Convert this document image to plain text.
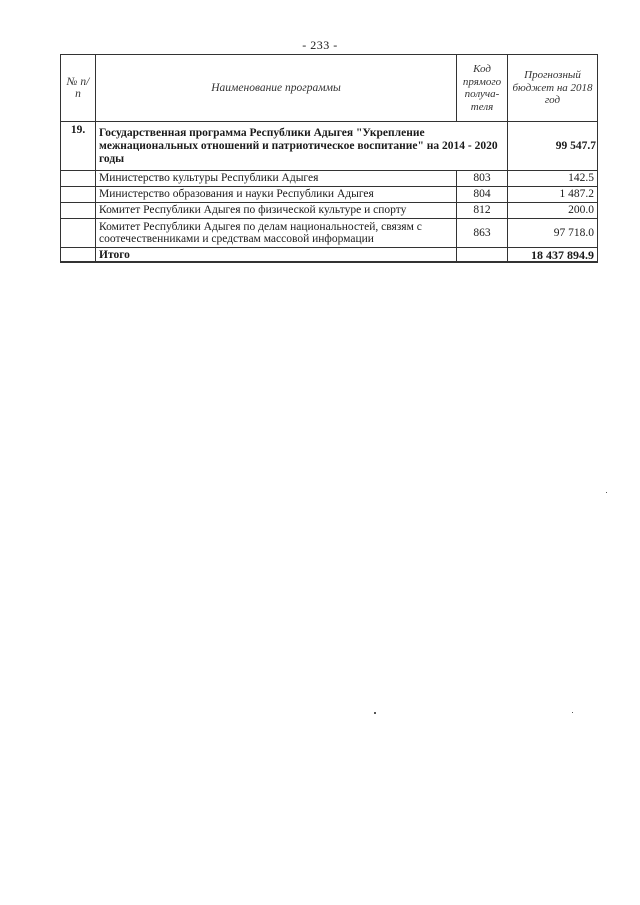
- 233 -
№ п/п	Наименование программы	Код прямого получа-теля	Прогнозный бюджет на 2018 год
19.	Государственная программа Республики Адыгея "Укрепление межнациональных отношений и патриотическое воспитание" на 2014 - 2020 годы		99 547.7
	Министерство культуры Республики Адыгея	803	142.5
	Министерство образования и науки Республики Адыгея	804	1 487.2
	Комитет Республики Адыгея по физической культуре и спорту	812	200.0
	Комитет Республики Адыгея по делам национальностей, связям с соотечественниками и средствам массовой информации	863	97 718.0
	Итого		18 437 894.9
